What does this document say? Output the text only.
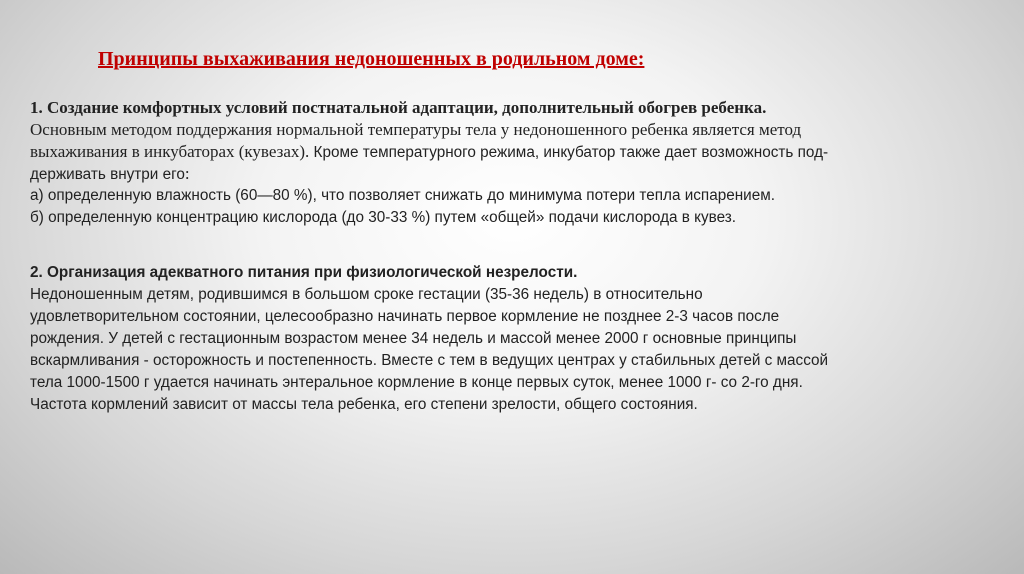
Принципы выхаживания недоношенных в родильном доме:
1. Создание комфортных условий постнатальной адаптации, дополнительный обогрев ребенка.
Основным методом поддержания нормальной температуры тела у недоношенного ребенка является метод
выхаживания в инкубаторах (кувезах). Кроме температурного режима, инкубатор также дает возможность под-
держивать внутри его:
а) определенную влажность (60—80 %), что позволяет снижать до минимума потери тепла испарением.
б) определенную концентрацию кислорода (до 30-33 %) путем «общей» подачи кислорода в кувез.
2. Организация адекватного питания при физиологической незрелости.
Недоношенным детям, родившимся в большом сроке гестации (35-36 недель) в относительно
удовлетворительном состоянии, целесообразно начинать первое кормление не позднее 2-3 часов после
рождения. У детей с гестационным возрастом менее 34 недель и массой менее 2000 г основные принципы
вскармливания - осторожность и постепенность. Вместе с тем в ведущих центрах у стабильных детей с массой
тела 1000-1500 г удается начинать энтеральное кормление в конце первых суток, менее 1000 г- со 2-го дня.
Частота кормлений зависит от массы тела ребенка, его степени зрелости, общего состояния.
